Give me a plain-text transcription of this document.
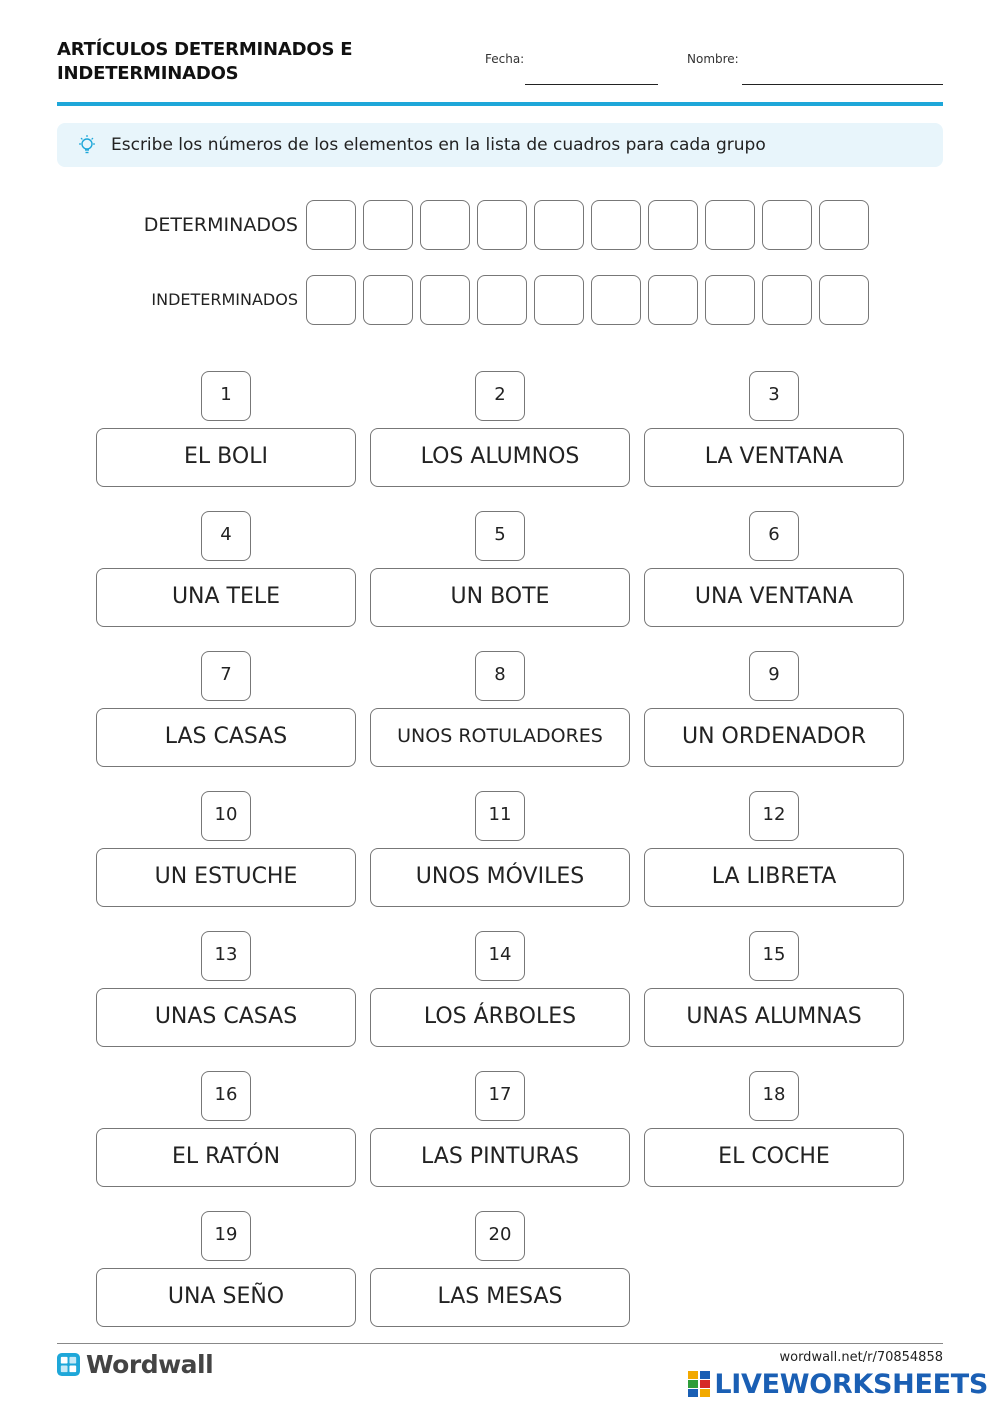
ARTÍCULOS DETERMINADOS E
INDETERMINADOS
Fecha:	Nombre:
Escribe los números de los elementos en la lista de cuadros para cada grupo
DETERMINADOS
INDETERMINADOS
1
EL BOLI
2
LOS ALUMNOS
3
LA VENTANA
4
UNA TELE
5
UN BOTE
6
UNA VENTANA
7
LAS CASAS
8
UNOS ROTULADORES
9
UN ORDENADOR
10
UN ESTUCHE
11
UNOS MÓVILES
12
LA LIBRETA
13
UNAS CASAS
14
LOS ÁRBOLES
15
UNAS ALUMNAS
16
EL RATÓN
17
LAS PINTURAS
18
EL COCHE
19
UNA SEÑO
20
LAS MESAS
Wordwall	wordwall.net/r/70854858
LIVEWORKSHEETS
